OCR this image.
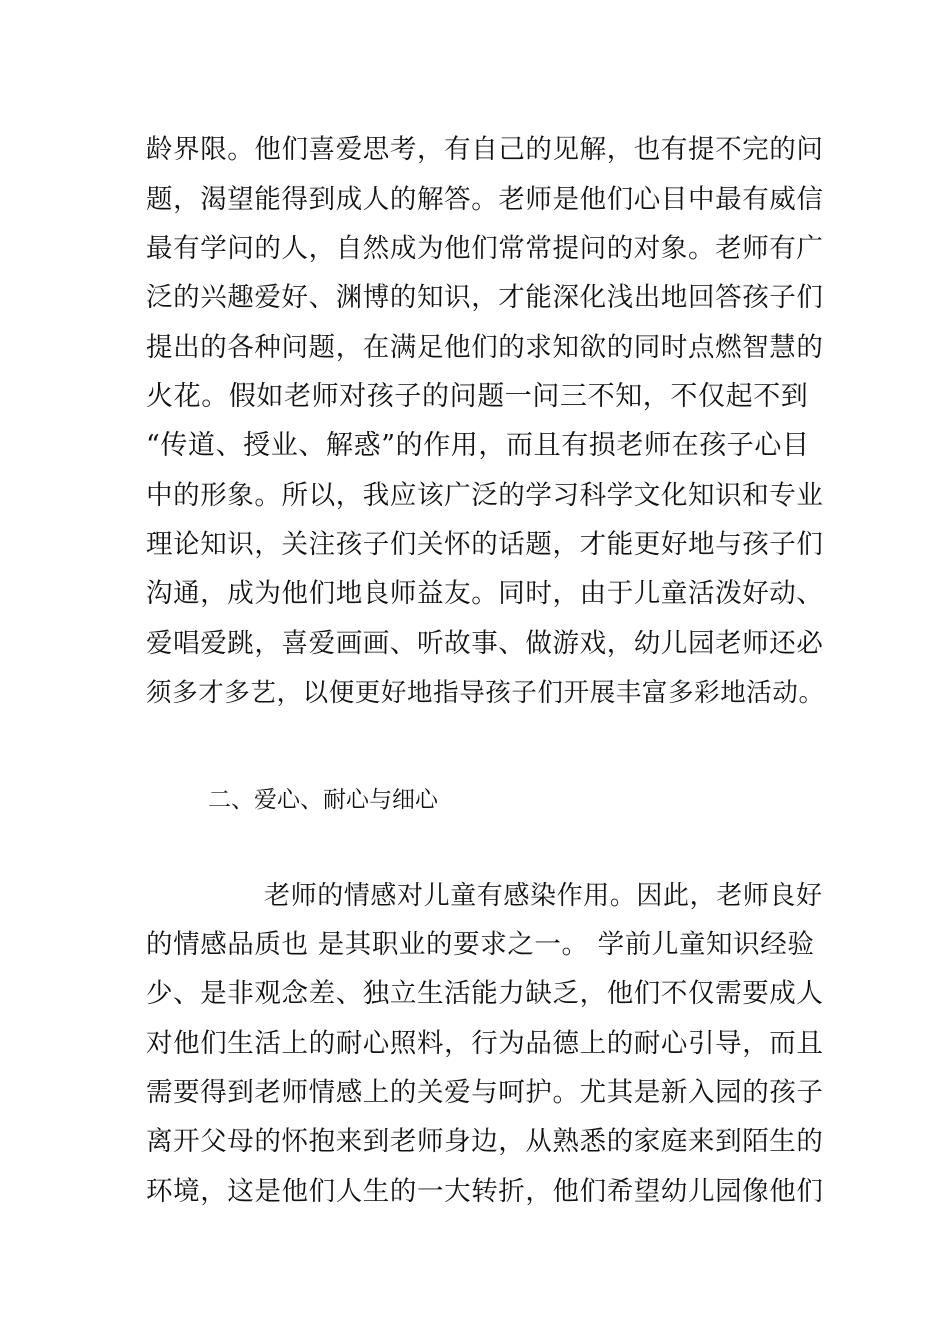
龄界限。他们喜爱思考，有自己的见解，也有提不完的问
题，渴望能得到成人的解答。老师是他们心目中最有威信
最有学问的人，自然成为他们常常提问的对象。老师有广
泛的兴趣爱好、渊博的知识，才能深化浅出地回答孩子们
提出的各种问题，在满足他们的求知欲的同时点燃智慧的
火花。假如老师对孩子的问题一问三不知，不仅起不到
“传道、授业、解惑”的作用，而且有损老师在孩子心目
中的形象。所以，我应该广泛的学习科学文化知识和专业
理论知识，关注孩子们关怀的话题，才能更好地与孩子们
沟通，成为他们地良师益友。同时，由于儿童活泼好动、
爱唱爱跳，喜爱画画、听故事、做游戏，幼儿园老师还必
须多才多艺，以便更好地指导孩子们开展丰富多彩地活动。
二、爱心、耐心与细心
老师的情感对儿童有感染作用。因此，老师良好
的情感品质也 是其职业的要求之一。 学前儿童知识经验
少、是非观念差、独立生活能力缺乏，他们不仅需要成人
对他们生活上的耐心照料，行为品德上的耐心引导，而且
需要得到老师情感上的关爱与呵护。尤其是新入园的孩子
离开父母的怀抱来到老师身边，从熟悉的家庭来到陌生的
环境，这是他们人生的一大转折，他们希望幼儿园像他们
